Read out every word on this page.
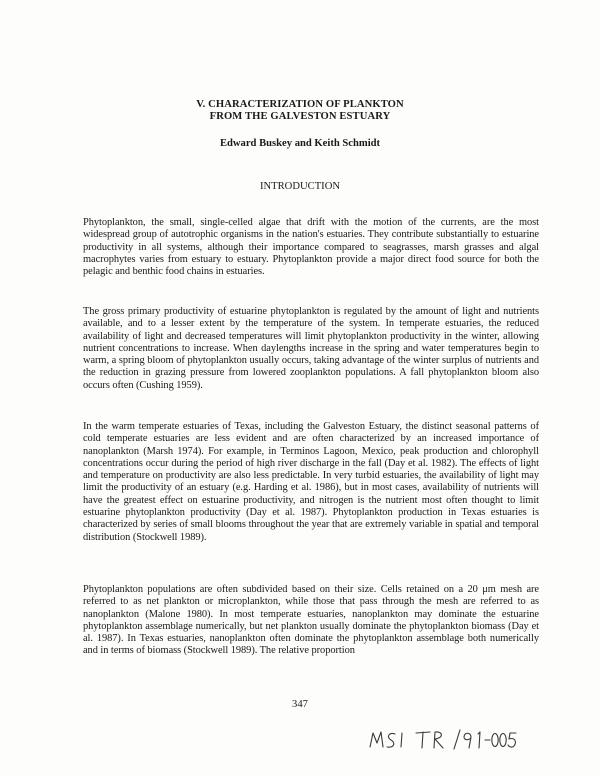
V. CHARACTERIZATION OF PLANKTON
FROM THE GALVESTON ESTUARY
Edward Buskey and Keith Schmidt
INTRODUCTION

Phytoplankton, the small, single-celled algae that drift with the motion of the currents, are the most widespread group of autotrophic organisms in the nation's estuaries. They contribute substantially to estuarine productivity in all systems, although their importance compared to seagrasses, marsh grasses and algal macrophytes varies from estuary to estuary. Phytoplankton provide a major direct food source for both the pelagic and benthic food chains in estuaries.

The gross primary productivity of estuarine phytoplankton is regulated by the amount of light and nutrients available, and to a lesser extent by the temperature of the system. In temperate estuaries, the reduced availability of light and decreased temperatures will limit phytoplankton productivity in the winter, allowing nutrient concentrations to increase. When daylengths increase in the spring and water temperatures begin to warm, a spring bloom of phytoplankton usually occurs, taking advantage of the winter surplus of nutrients and the reduction in grazing pressure from lowered zooplankton populations. A fall phytoplankton bloom also occurs often (Cushing 1959).

In the warm temperate estuaries of Texas, including the Galveston Estuary, the distinct seasonal patterns of cold temperate estuaries are less evident and are often characterized by an increased importance of nanoplankton (Marsh 1974). For example, in Terminos Lagoon, Mexico, peak production and chlorophyll concentrations occur during the period of high river discharge in the fall (Day et al. 1982). The effects of light and temperature on productivity are also less predictable. In very turbid estuaries, the availability of light may limit the productivity of an estuary (e.g. Harding et al. 1986), but in most cases, availability of nutrients will have the greatest effect on estuarine productivity, and nitrogen is the nutrient most often thought to limit estuarine phytoplankton productivity (Day et al. 1987). Phytoplankton production in Texas estuaries is characterized by series of small blooms throughout the year that are extremely variable in spatial and temporal distribution (Stockwell 1989).

Phytoplankton populations are often subdivided based on their size. Cells retained on a 20 μm mesh are referred to as net plankton or microplankton, while those that pass through the mesh are referred to as nanoplankton (Malone 1980). In most temperate estuaries, nanoplankton may dominate the estuarine phytoplankton assemblage numerically, but net plankton usually dominate the phytoplankton biomass (Day et al. 1987). In Texas estuaries, nanoplankton often dominate the phytoplankton assemblage both numerically and in terms of biomass (Stockwell 1989). The relative proportion

347
